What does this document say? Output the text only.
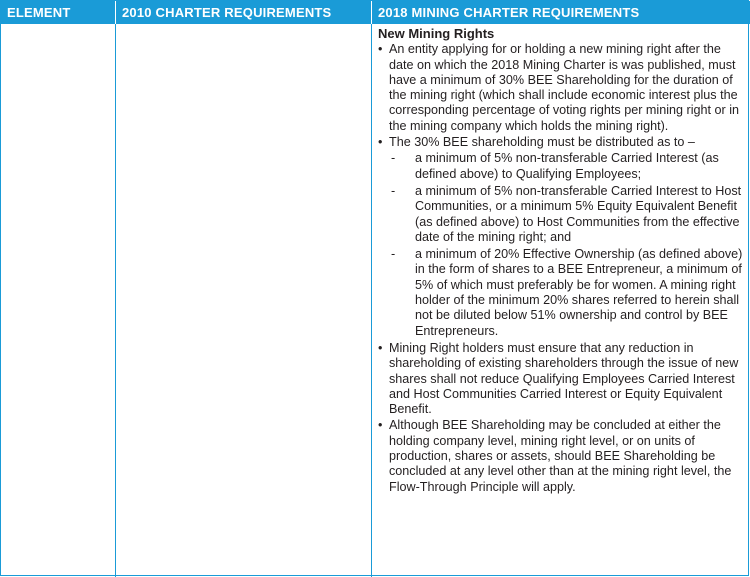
ELEMENT	2010 CHARTER REQUIREMENTS	2018 MINING CHARTER REQUIREMENTS

New Mining Rights

• An entity applying for or holding a new mining right after the date on which the 2018 Mining Charter is was published, must have a minimum of 30% BEE Shareholding for the duration of the mining right (which shall include economic interest plus the corresponding percentage of voting rights per mining right or in the mining company which holds the mining right).

• The 30% BEE shareholding must be distributed as to –

- a minimum of 5% non-transferable Carried Interest (as defined above) to Qualifying Employees;
- a minimum of 5% non-transferable Carried Interest to Host Communities, or a minimum 5% Equity Equivalent Benefit (as defined above) to Host Communities from the effective date of the mining right; and
- a minimum of 20% Effective Ownership (as defined above) in the form of shares to a BEE Entrepreneur, a minimum of 5% of which must preferably be for women. A mining right holder of the minimum 20% shares referred to herein shall not be diluted below 51% ownership and control by BEE Entrepreneurs.

• Mining Right holders must ensure that any reduction in shareholding of existing shareholders through the issue of new shares shall not reduce Qualifying Employees Carried Interest and Host Communities Carried Interest or Equity Equivalent Benefit.

• Although BEE Shareholding may be concluded at either the holding company level, mining right level, or on units of production, shares or assets, should BEE Shareholding be concluded at any level other than at the mining right level, the Flow-Through Principle will apply.
